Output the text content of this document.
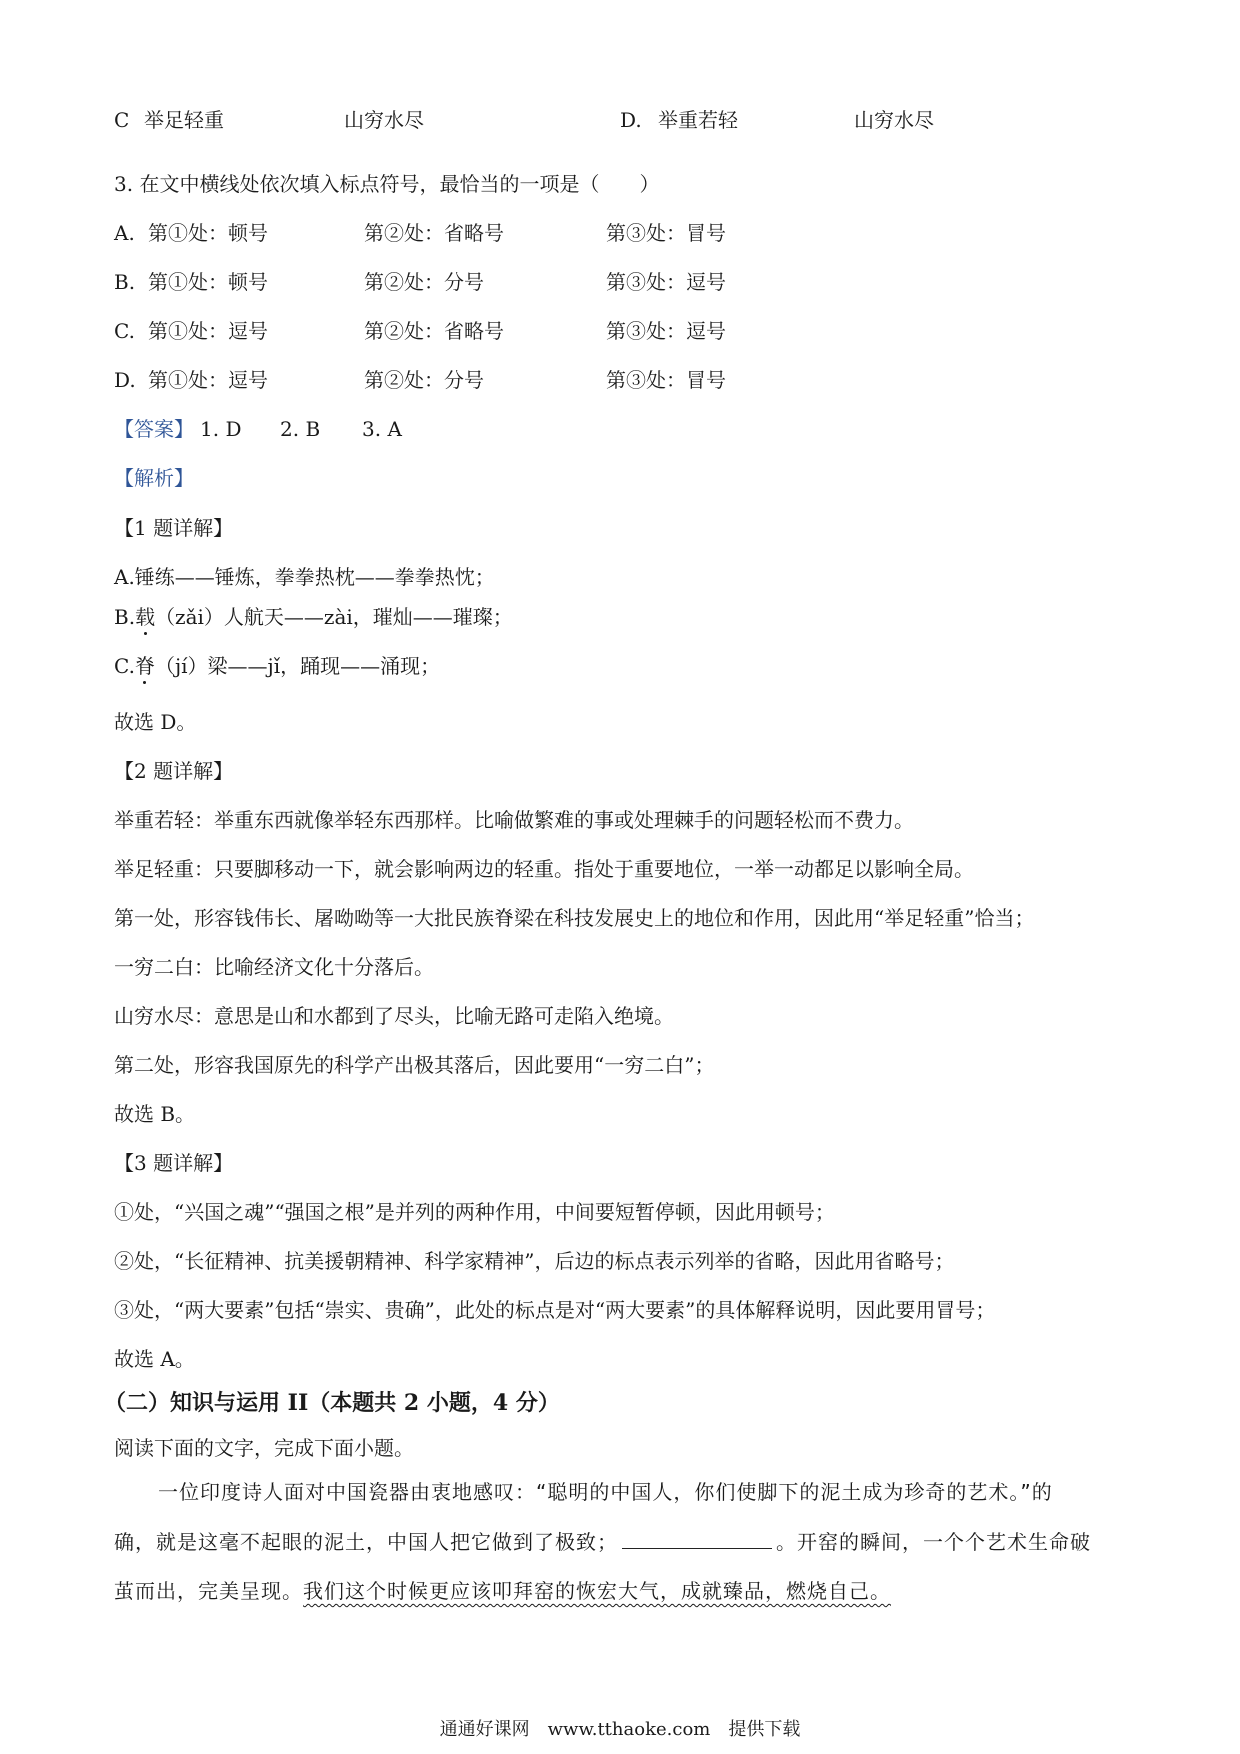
C 举足轻重	山穷水尽	D. 举重若轻	山穷水尽
3. 在文中横线处依次填入标点符号，最恰当的一项是（　　）
A. 第①处：顿号	第②处：省略号	第③处：冒号
B. 第①处：顿号	第②处：分号	第③处：逗号
C. 第①处：逗号	第②处：省略号	第③处：逗号
D. 第①处：逗号	第②处：分号	第③处：冒号
【答案】 1. D 2. B 3. A
【解析】
【1 题详解】
A.锤练——锤炼，拳拳热枕——拳拳热忱；
B.载（zǎi）人航天——zài，璀灿——璀璨；
C.脊（jí）梁——jǐ，踊现——涌现；
故选 D。
【2 题详解】
举重若轻：举重东西就像举轻东西那样。比喻做繁难的事或处理棘手的问题轻松而不费力。
举足轻重：只要脚移动一下，就会影响两边的轻重。指处于重要地位，一举一动都足以影响全局。
第一处，形容钱伟长、屠呦呦等一大批民族脊梁在科技发展史上的地位和作用，因此用“举足轻重”恰当；
一穷二白：比喻经济文化十分落后。
山穷水尽：意思是山和水都到了尽头，比喻无路可走陷入绝境。
第二处，形容我国原先的科学产出极其落后，因此要用“一穷二白”；
故选 B。
【3 题详解】
①处，“兴国之魂”“强国之根”是并列的两种作用，中间要短暂停顿，因此用顿号；
②处，“长征精神、抗美援朝精神、科学家精神”，后边的标点表示列举的省略，因此用省略号；
③处，“两大要素”包括“崇实、贵确”，此处的标点是对“两大要素”的具体解释说明，因此要用冒号；
故选 A。
（二）知识与运用 II（本题共 2 小题，4 分）
阅读下面的文字，完成下面小题。
一位印度诗人面对中国瓷器由衷地感叹：“聪明的中国人，你们使脚下的泥土成为珍奇的艺术。”的
确，就是这毫不起眼的泥土，中国人把它做到了极致；	。开窑的瞬间，一个个艺术生命破
茧而出，完美呈现。我们这个时候更应该叩拜窑的恢宏大气，成就臻品，燃烧自己。
通通好课网　www.tthaoke.com　提供下载
